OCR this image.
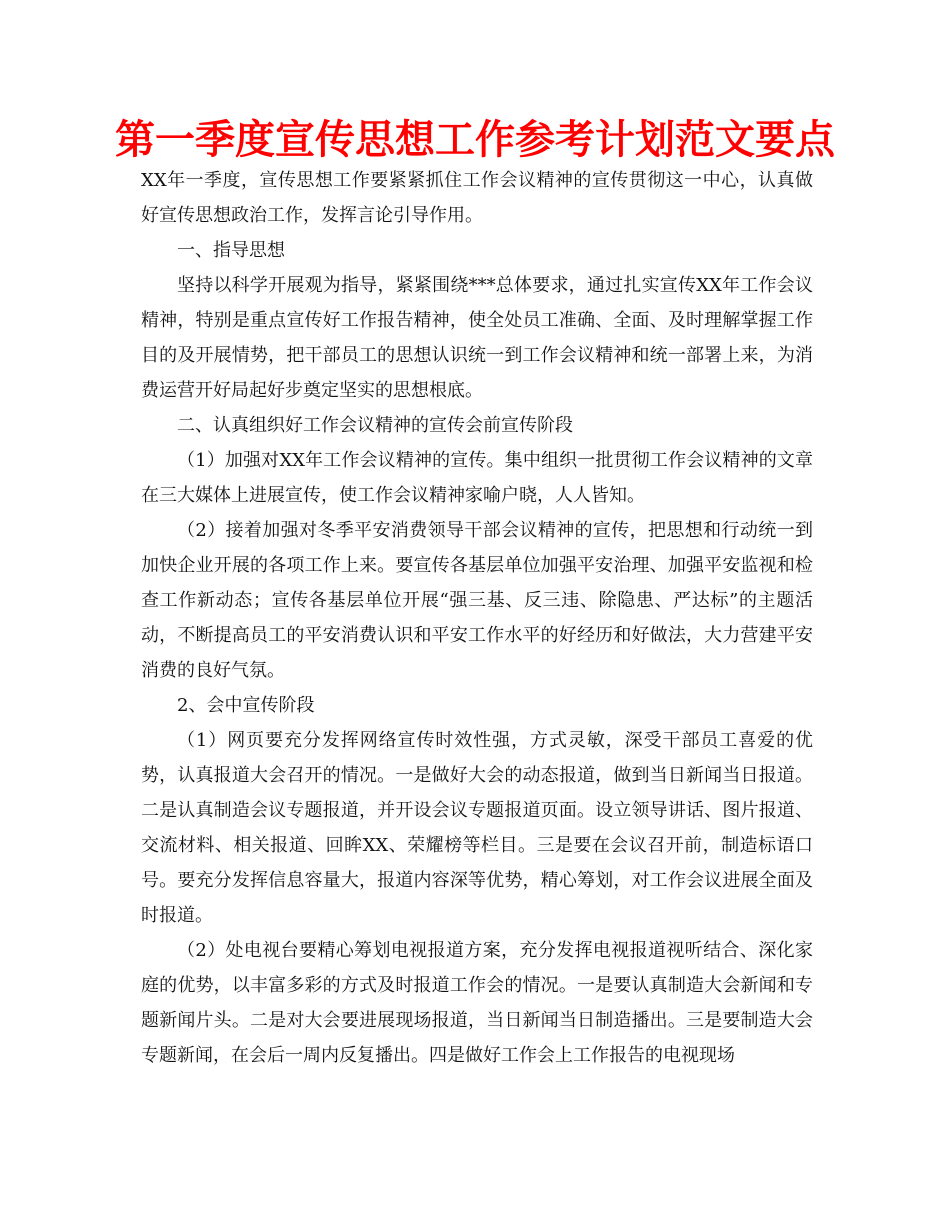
第一季度宣传思想工作参考计划范文要点

XX年一季度，宣传思想工作要紧紧抓住工作会议精神的宣传贯彻这一中心，认真做好宣传思想政治工作，发挥言论引导作用。

一、指导思想

坚持以科学开展观为指导，紧紧围绕***总体要求，通过扎实宣传XX年工作会议精神，特别是重点宣传好工作报告精神，使全处员工准确、全面、及时理解掌握工作目的及开展情势，把干部员工的思想认识统一到工作会议精神和统一部署上来，为消费运营开好局起好步奠定坚实的思想根底。

二、认真组织好工作会议精神的宣传会前宣传阶段

（1）加强对XX年工作会议精神的宣传。集中组织一批贯彻工作会议精神的文章在三大媒体上进展宣传，使工作会议精神家喻户晓，人人皆知。

（2）接着加强对冬季平安消费领导干部会议精神的宣传，把思想和行动统一到加快企业开展的各项工作上来。要宣传各基层单位加强平安治理、加强平安监视和检查工作新动态；宣传各基层单位开展“强三基、反三违、除隐患、严达标”的主题活动，不断提高员工的平安消费认识和平安工作水平的好经历和好做法，大力营建平安消费的良好气氛。

2、会中宣传阶段

（1）网页要充分发挥网络宣传时效性强，方式灵敏，深受干部员工喜爱的优势，认真报道大会召开的情况。一是做好大会的动态报道，做到当日新闻当日报道。二是认真制造会议专题报道，并开设会议专题报道页面。设立领导讲话、图片报道、交流材料、相关报道、回眸XX、荣耀榜等栏目。三是要在会议召开前，制造标语口号。要充分发挥信息容量大，报道内容深等优势，精心筹划，对工作会议进展全面及时报道。

（2）处电视台要精心筹划电视报道方案，充分发挥电视报道视听结合、深化家庭的优势，以丰富多彩的方式及时报道工作会的情况。一是要认真制造大会新闻和专题新闻片头。二是对大会要进展现场报道，当日新闻当日制造播出。三是要制造大会专题新闻，在会后一周内反复播出。四是做好工作会上工作报告的电视现场
